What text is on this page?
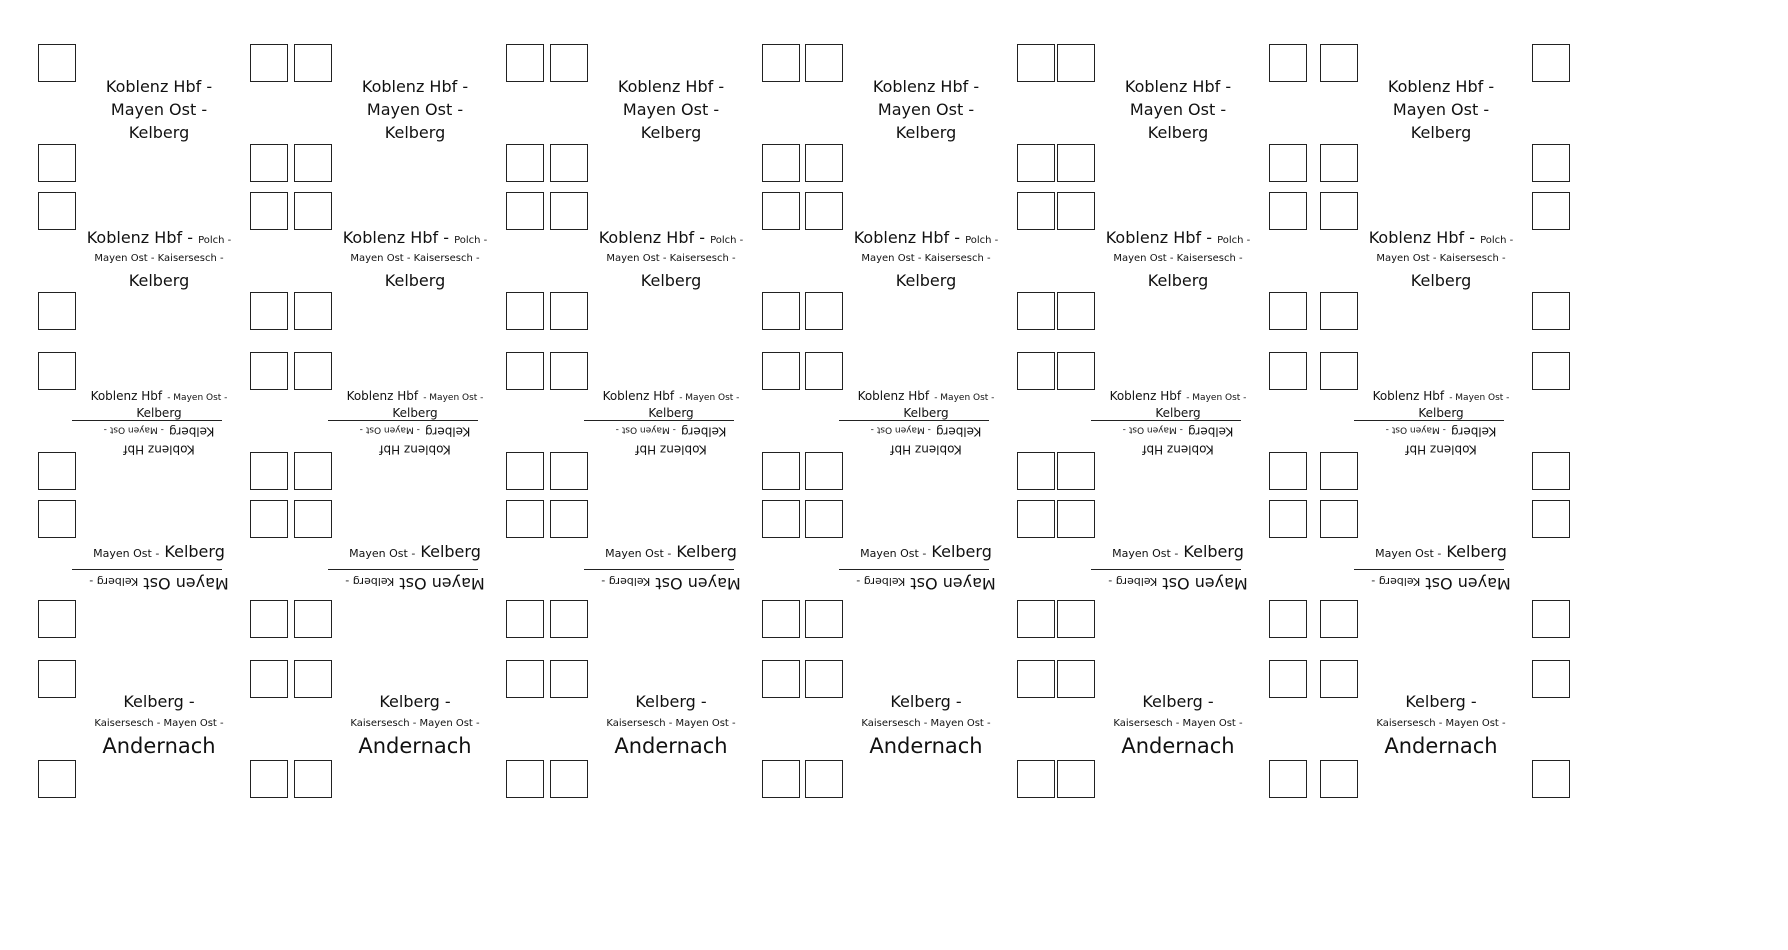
Koblenz Hbf -
Mayen Ost -
Kelberg
Koblenz Hbf -
Mayen Ost -
Kelberg
Koblenz Hbf -
Mayen Ost -
Kelberg
Koblenz Hbf -
Mayen Ost -
Kelberg
Koblenz Hbf -
Mayen Ost -
Kelberg
Koblenz Hbf -
Mayen Ost -
Kelberg
Koblenz Hbf - Polch -
Mayen Ost - Kaisersesch -
Kelberg
Koblenz Hbf - Polch -
Mayen Ost - Kaisersesch -
Kelberg
Koblenz Hbf - Polch -
Mayen Ost - Kaisersesch -
Kelberg
Koblenz Hbf - Polch -
Mayen Ost - Kaisersesch -
Kelberg
Koblenz Hbf - Polch -
Mayen Ost - Kaisersesch -
Kelberg
Koblenz Hbf - Polch -
Mayen Ost - Kaisersesch -
Kelberg
Koblenz Hbf - Mayen Ost -
Kelberg
Koblenz Hbf
Kelberg - Mayen Ost -
Koblenz Hbf - Mayen Ost -
Kelberg
Koblenz Hbf
Kelberg - Mayen Ost -
Koblenz Hbf - Mayen Ost -
Kelberg
Koblenz Hbf
Kelberg - Mayen Ost -
Koblenz Hbf - Mayen Ost -
Kelberg
Koblenz Hbf
Kelberg - Mayen Ost -
Koblenz Hbf - Mayen Ost -
Kelberg
Koblenz Hbf
Kelberg - Mayen Ost -
Koblenz Hbf - Mayen Ost -
Kelberg
Koblenz Hbf
Kelberg - Mayen Ost -
Mayen Ost - Kelberg
Mayen Ost Kelberg -
Mayen Ost - Kelberg
Mayen Ost Kelberg -
Mayen Ost - Kelberg
Mayen Ost Kelberg -
Mayen Ost - Kelberg
Mayen Ost Kelberg -
Mayen Ost - Kelberg
Mayen Ost Kelberg -
Mayen Ost - Kelberg
Mayen Ost Kelberg -
Kelberg -
Kaisersesch - Mayen Ost -
Andernach
Kelberg -
Kaisersesch - Mayen Ost -
Andernach
Kelberg -
Kaisersesch - Mayen Ost -
Andernach
Kelberg -
Kaisersesch - Mayen Ost -
Andernach
Kelberg -
Kaisersesch - Mayen Ost -
Andernach
Kelberg -
Kaisersesch - Mayen Ost -
Andernach
